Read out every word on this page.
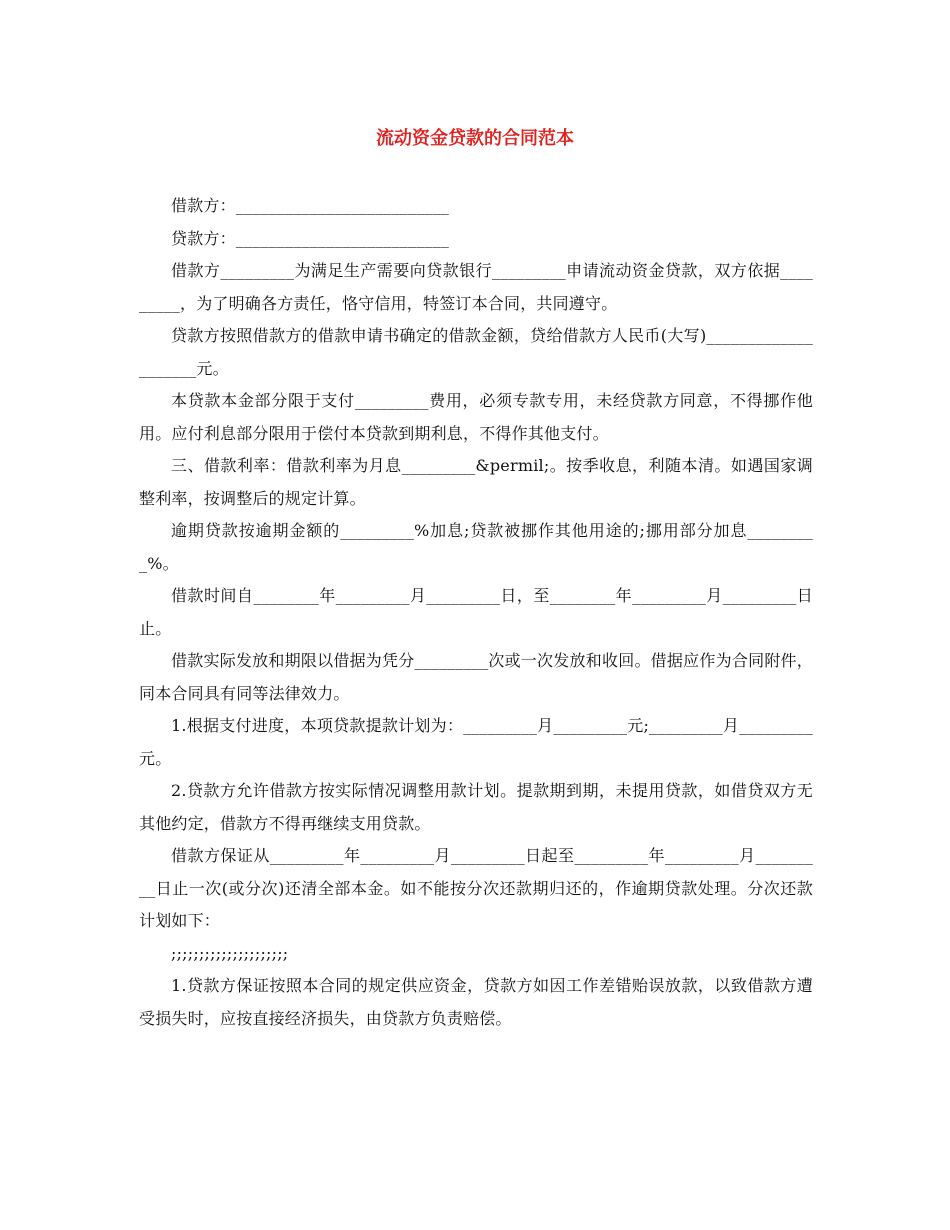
流动资金贷款的合同范本

借款方：__________________________

贷款方：__________________________

借款方_________为满足生产需要向贷款银行_________申请流动资金贷款，双方依据_________，为了明确各方责任，恪守信用，特签订本合同，共同遵守。

贷款方按照借款方的借款申请书确定的借款金额，贷给借款方人民币(大写)____________________元。

本贷款本金部分限于支付_________费用，必须专款专用，未经贷款方同意，不得挪作他用。应付利息部分限用于偿付本贷款到期利息，不得作其他支付。

三、借款利率：借款利率为月息_________&permil;。按季收息，利随本清。如遇国家调整利率，按调整后的规定计算。

逾期贷款按逾期金额的_________%加息;贷款被挪作其他用途的;挪用部分加息_________%。

借款时间自________年_________月_________日，至________年_________月_________日止。

借款实际发放和期限以借据为凭分_________次或一次发放和收回。借据应作为合同附件，同本合同具有同等法律效力。

1.根据支付进度，本项贷款提款计划为：_________月_________元;_________月_________元。

2.贷款方允许借款方按实际情况调整用款计划。提款期到期，未提用贷款，如借贷双方无其他约定，借款方不得再继续支用贷款。

借款方保证从_________年_________月_________日起至_________年_________月_________日止一次(或分次)还清全部本金。如不能按分次还款期归还的，作逾期贷款处理。分次还款计划如下：

;;;;;;;;;;;;;;;;;;;;;

1.贷款方保证按照本合同的规定供应资金，贷款方如因工作差错贻误放款，以致借款方遭受损失时，应按直接经济损失，由贷款方负责赔偿。
